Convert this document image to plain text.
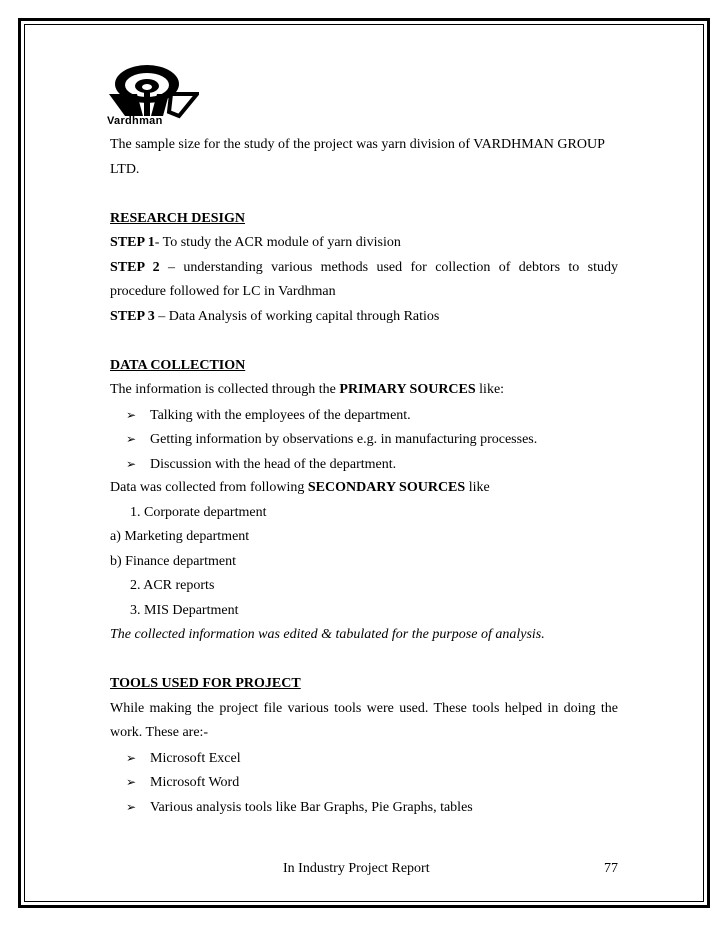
Vardhman
The sample size for the study of the project was yarn division of VARDHMAN GROUP
LTD.
RESEARCH DESIGN
STEP 1- To study the ACR module of yarn division
STEP 2 – understanding various methods used for collection of debtors to study
procedure followed for LC in Vardhman
STEP 3 – Data Analysis of working capital through Ratios
DATA COLLECTION
The information is collected through the PRIMARY SOURCES like:
➢ Talking with the employees of the department.
➢ Getting information by observations e.g. in manufacturing processes.
➢ Discussion with the head of the department.
Data was collected from following SECONDARY SOURCES like
1. Corporate department
a) Marketing department
b) Finance department
2. ACR reports
3. MIS Department
The collected information was edited & tabulated for the purpose of analysis.
TOOLS USED FOR PROJECT
While making the project file various tools were used. These tools helped in doing the
work. These are:-
➢ Microsoft Excel
➢ Microsoft Word
➢ Various analysis tools like Bar Graphs, Pie Graphs, tables
In Industry Project Report	77
